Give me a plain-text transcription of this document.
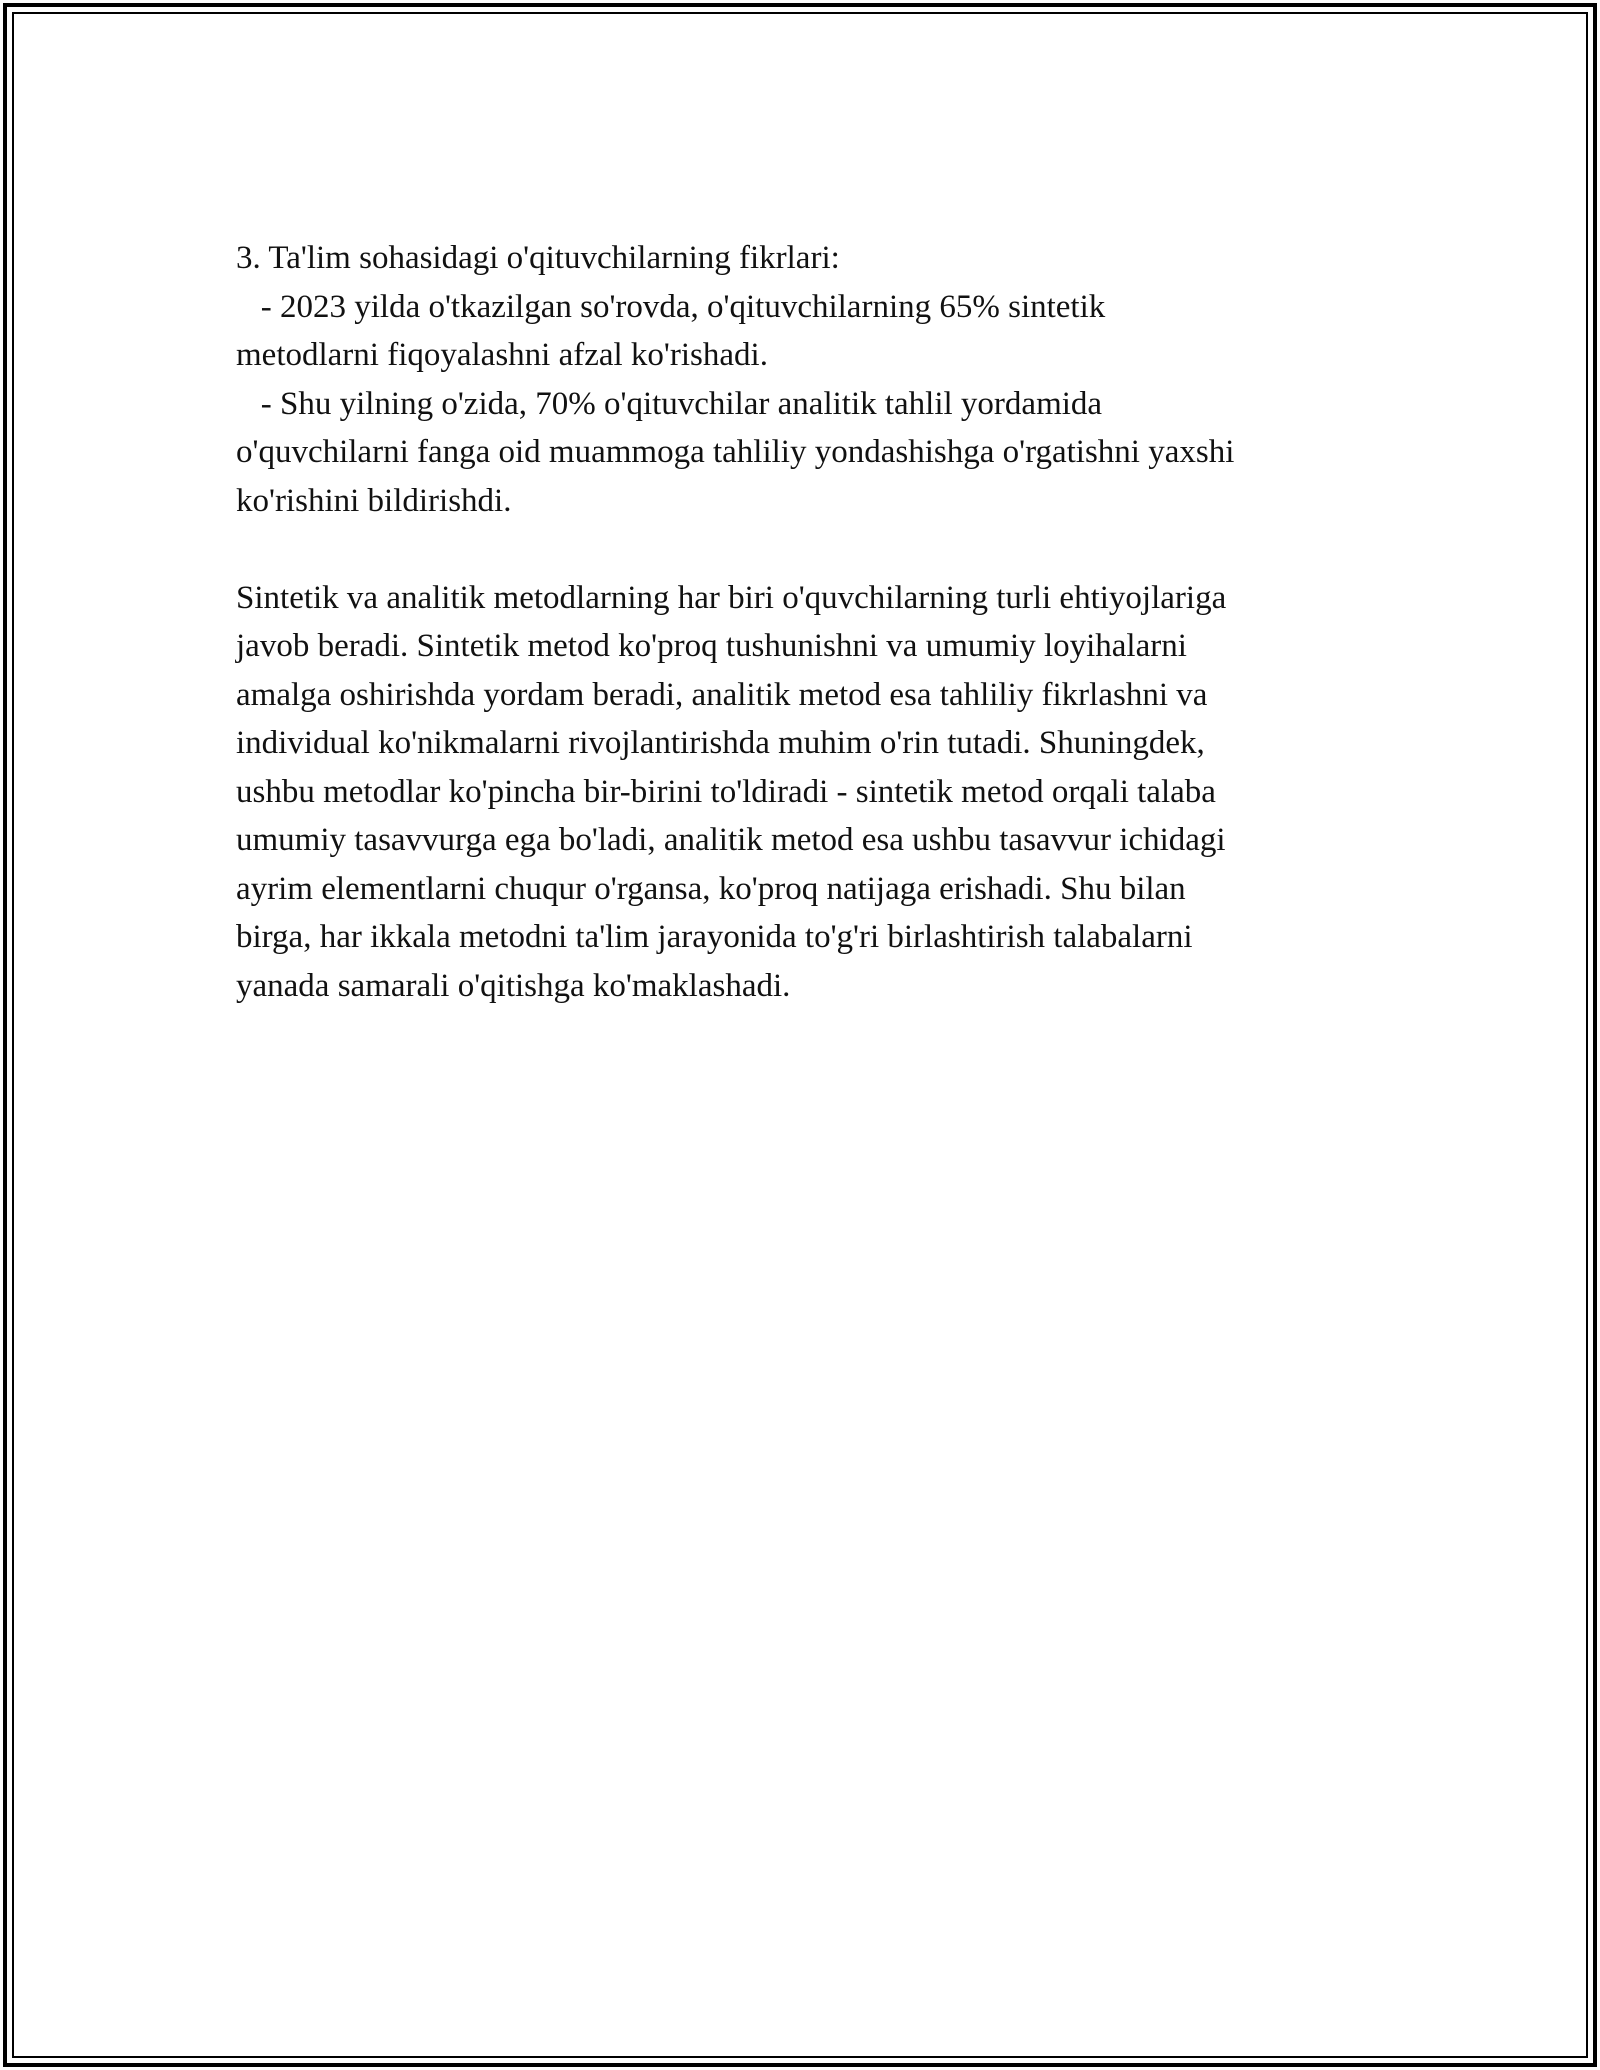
3. Ta'lim sohasidagi o'qituvchilarning fikrlari:
- 2023 yilda o'tkazilgan so'rovda, o'qituvchilarning 65% sintetik
metodlarni fiqoyalashni afzal ko'rishadi.
- Shu yilning o'zida, 70% o'qituvchilar analitik tahlil yordamida
o'quvchilarni fanga oid muammoga tahliliy yondashishga o'rgatishni yaxshi
ko'rishini bildirishdi.
Sintetik va analitik metodlarning har biri o'quvchilarning turli ehtiyojlariga
javob beradi. Sintetik metod ko'proq tushunishni va umumiy loyihalarni
amalga oshirishda yordam beradi, analitik metod esa tahliliy fikrlashni va
individual ko'nikmalarni rivojlantirishda muhim o'rin tutadi. Shuningdek,
ushbu metodlar ko'pincha bir-birini to'ldiradi - sintetik metod orqali talaba
umumiy tasavvurga ega bo'ladi, analitik metod esa ushbu tasavvur ichidagi
ayrim elementlarni chuqur o'rgansa, ko'proq natijaga erishadi. Shu bilan
birga, har ikkala metodni ta'lim jarayonida to'g'ri birlashtirish talabalarni
yanada samarali o'qitishga ko'maklashadi.
